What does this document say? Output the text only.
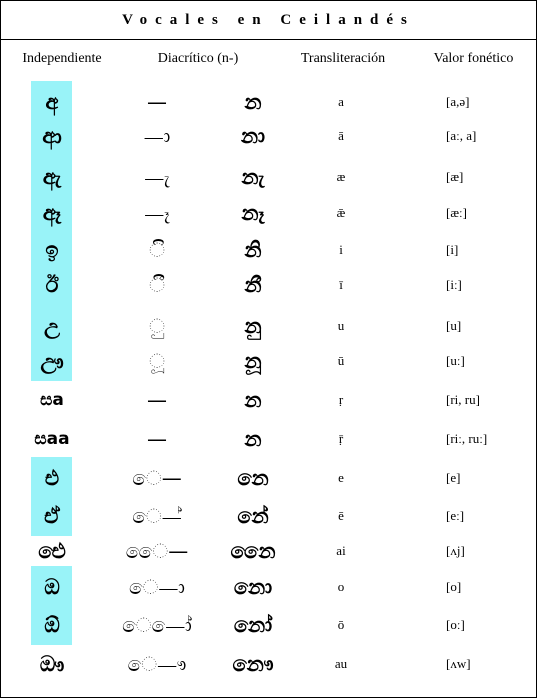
Vocales en Ceilandés
Independiente	Diacrítico (n-)	Transliteración	Valor fonético
අ	—	න	a	[a,ə]
ආ	—ා	නා	ā	[aː, a]
ඇ	—ැ	නැ	æ	[æ]
ඈ	—ෑ	නෑ	ǣ	[æː]
ඉ	◌ි	නි	i	[i]
ඊ	◌ී	නී	ī	[iː]
උ	◌ු	නු	u	[u]
ඌ	◌ූ	නූ	ū	[uː]
සa	—	න	ṛ	[ri, ru]
සaa	—	න	ṝ	[riː, ruː]
එ	ෙ—	නෙ	e	[e]
ඒ	ෙ—්	නේ	ē	[eː]
ඓ	ෛ—	නෛ	ai	[ʌj]
ඔ	ෙ—ා	නො	o	[o]
ඕ	ෙ—ෝ	නෝ	ō	[oː]
ඖ	ෙ—ෟ	නෞ	au	[ʌw]
